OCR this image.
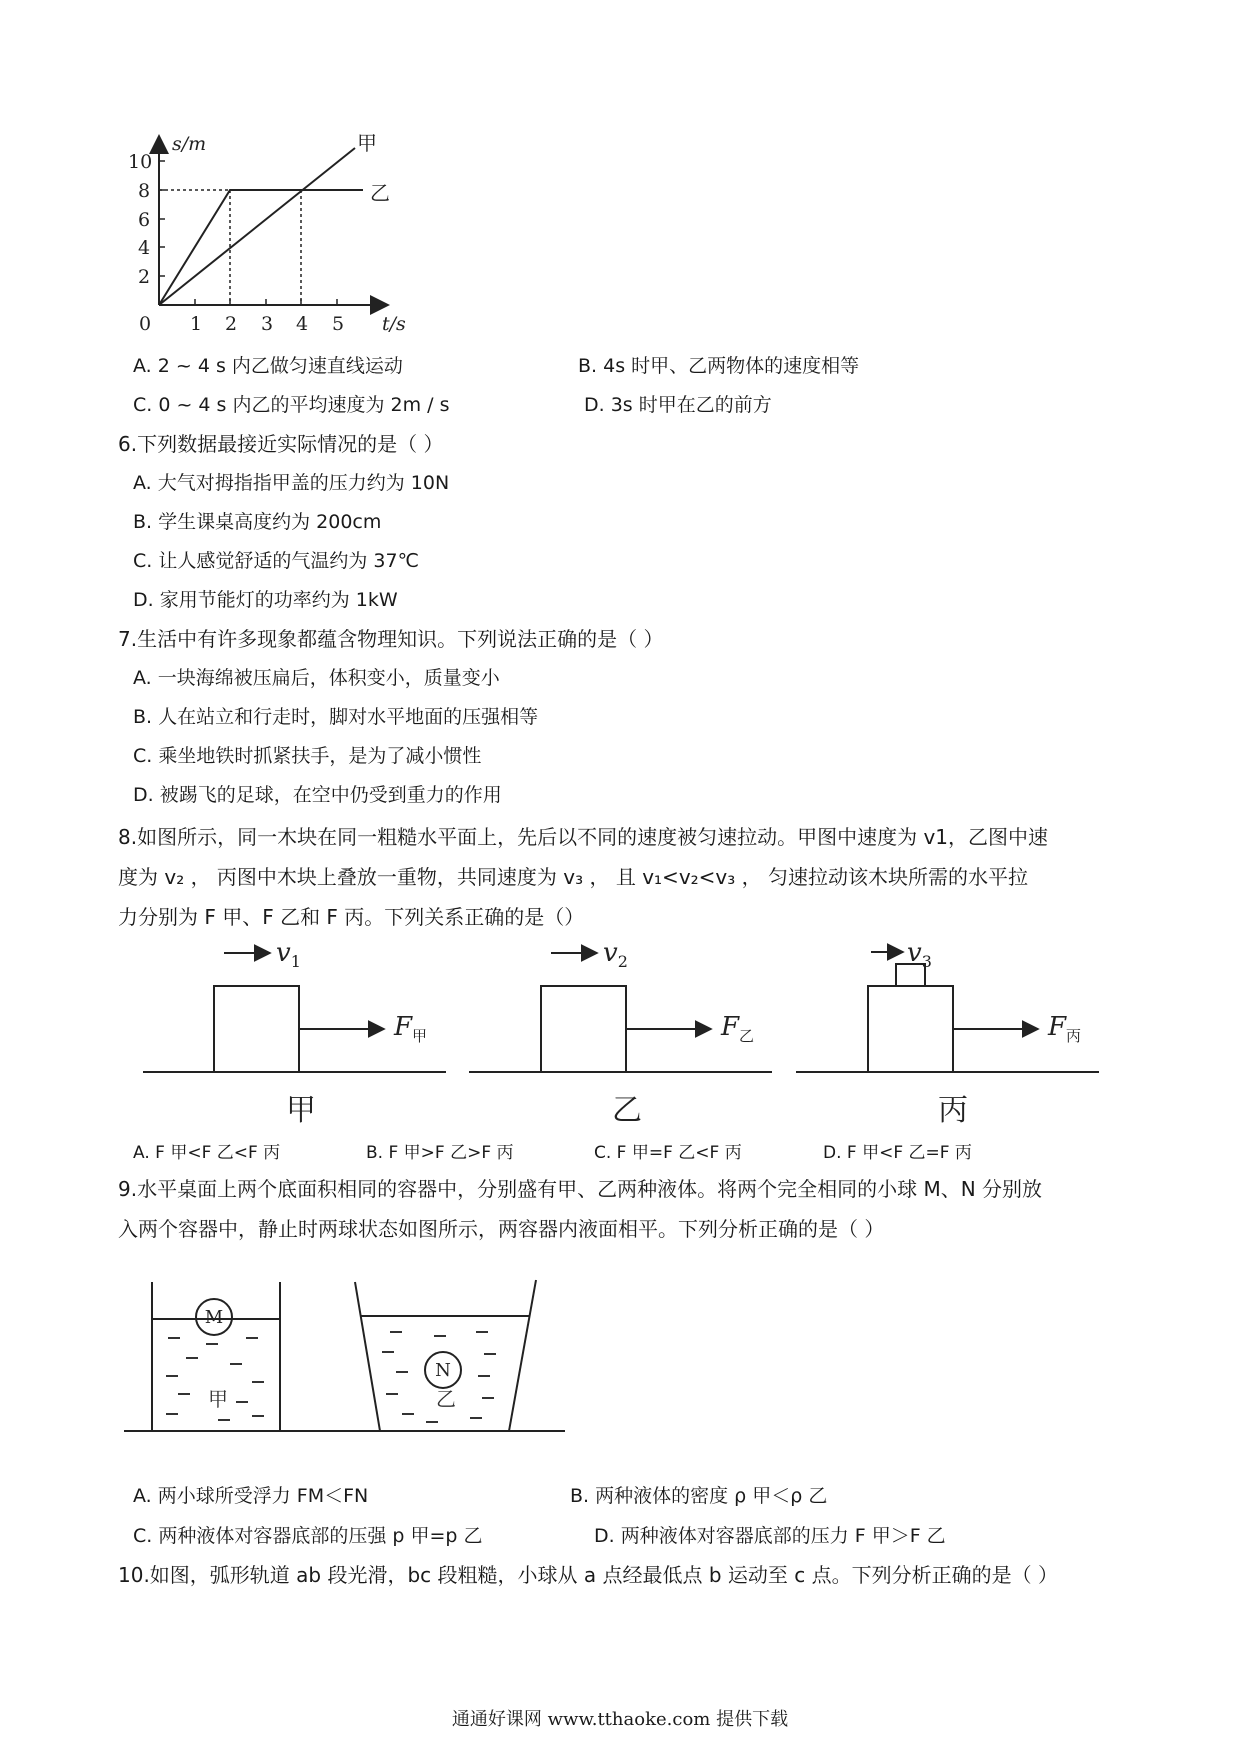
10
8
6
4
2
0 1 2 3 4 5
s/m
t/s
甲
乙
A. 2 ~ 4 s 内乙做匀速直线运动	B. 4s 时甲、乙两物体的速度相等
C. 0 ~ 4 s 内乙的平均速度为 2m / s	D. 3s 时甲在乙的前方
6.下列数据最接近实际情况的是（ ）
A. 大气对拇指指甲盖的压力约为 10N
B. 学生课桌高度约为 200cm
C. 让人感觉舒适的气温约为 37℃
D. 家用节能灯的功率约为 1kW
7.生活中有许多现象都蕴含物理知识。下列说法正确的是（ ）
A. 一块海绵被压扁后，体积变小，质量变小
B. 人在站立和行走时，脚对水平地面的压强相等
C. 乘坐地铁时抓紧扶手，是为了减小惯性
D. 被踢飞的足球，在空中仍受到重力的作用
8.如图所示，同一木块在同一粗糙水平面上，先后以不同的速度被匀速拉动。甲图中速度为 v1，乙图中速
度为 v₂ ， 丙图中木块上叠放一重物，共同速度为 v₃ ， 且 v₁<v₂<v₃ ， 匀速拉动该木块所需的水平拉
力分别为 F 甲、F 乙和 F 丙。下列关系正确的是（）
$v_1$	$v_2$	$v_3$
$F_甲$	$F_乙$	$F_丙$
甲	乙	丙
A. F 甲<F 乙<F 丙	B. F 甲>F 乙>F 丙	C. F 甲=F 乙<F 丙	D. F 甲<F 乙=F 丙
9.水平桌面上两个底面积相同的容器中，分别盛有甲、乙两种液体。将两个完全相同的小球 M、N 分别放
入两个容器中，静止时两球状态如图所示，两容器内液面相平。下列分析正确的是（ ）
M
N
甲	乙
A. 两小球所受浮力 FM＜FN	B. 两种液体的密度 ρ 甲＜ρ 乙
C. 两种液体对容器底部的压强 p 甲=p 乙	D. 两种液体对容器底部的压力 F 甲＞F 乙
10.如图，弧形轨道 ab 段光滑，bc 段粗糙，小球从 a 点经最低点 b 运动至 c 点。下列分析正确的是（ ）
通通好课网 www.tthaoke.com 提供下载
